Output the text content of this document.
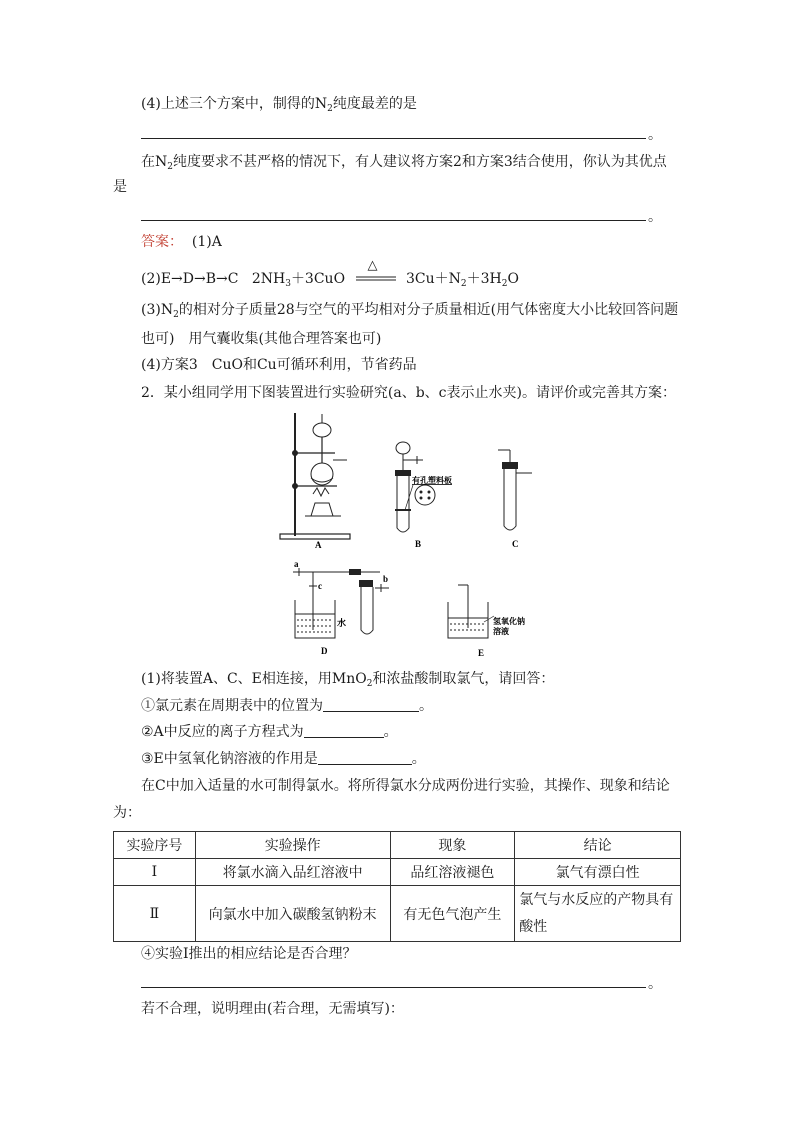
(4)上述三个方案中，制得的$N_2$纯度最差的是
。
在$N_2$纯度要求不甚严格的情况下，有人建议将方案2和方案3结合使用，你认为其优点
是
。
答案： (1)A
(2)E→D→B→C $2NH_3+3CuO$
△
$3Cu+N_2+3H_2O$
$(3)N_2$的相对分子质量28与空气的平均相对分子质量相近(用气体密度大小比较回答问题
也可)　用气囊收集(其他合理答案也可)
(4)方案3　CuO和Cu可循环利用，节省药品
2．某小组同学用下图装置进行实验研究(a、b、c表示止水夹)。请评价或完善其方案：
A
有孔塑料板
B	C
a
c
水
b
D
氢氧化钠
溶液
E
(1)将装置A、C、E相连接，用MnO$_2$和浓盐酸制取氯气，请回答：
①氯元素在周期表中的位置为	。
②A中反应的离子方程式为	。
③E中氢氧化钠溶液的作用是	。
在C中加入适量的水可制得氯水。将所得氯水分成两份进行实验，其操作、现象和结论
为：
实验序号	实验操作	现象	结论
Ⅰ	将氯水滴入品红溶液中	品红溶液褪色	氯气有漂白性
Ⅱ	向氯水中加入碳酸氢钠粉末	有无色气泡产生	氯气与水反应的产物具有酸性
④实验Ⅰ推出的相应结论是否合理？
。
若不合理，说明理由(若合理，无需填写)：
